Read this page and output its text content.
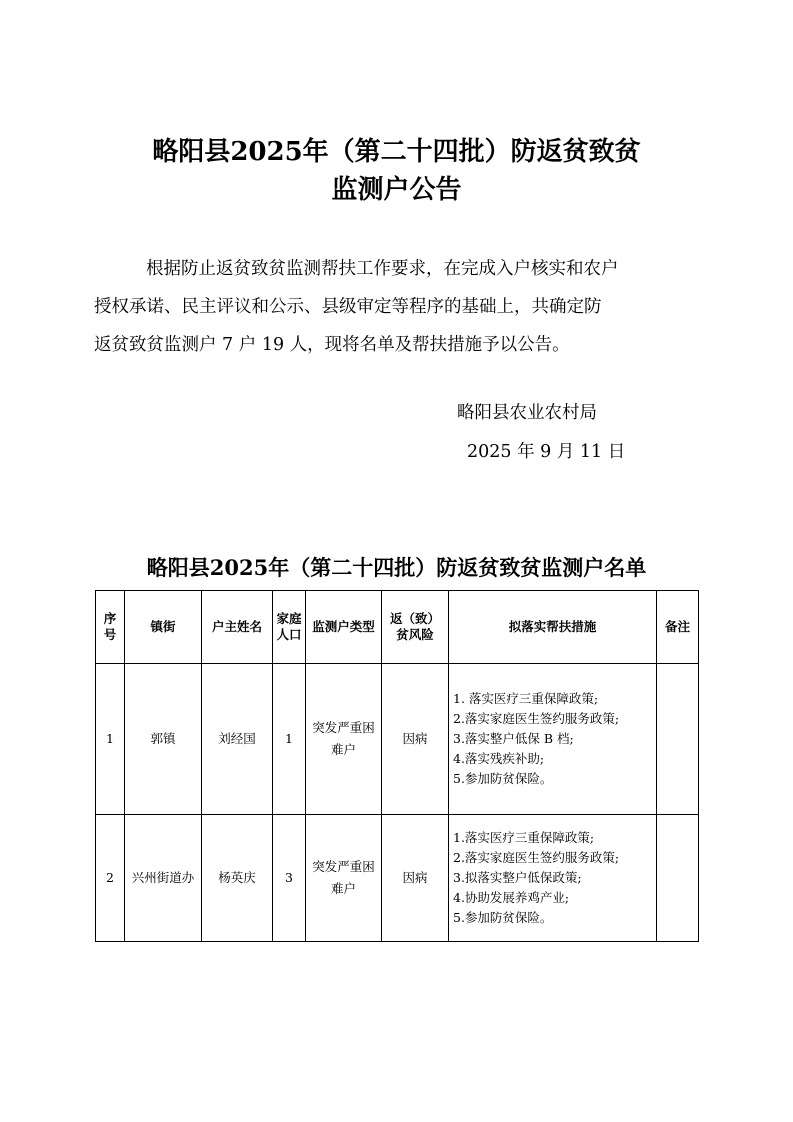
略阳县2025年（第二十四批）防返贫致贫
监测户公告

根据防止返贫致贫监测帮扶工作要求，在完成入户核实和农户
授权承诺、民主评议和公示、县级审定等程序的基础上，共确定防
返贫致贫监测户 7 户 19 人，现将名单及帮扶措施予以公告。

略阳县农业农村局
2025 年 9 月 11 日
略阳县2025年（第二十四批）防返贫致贫监测户名单
序号	镇街	户主姓名	家庭人口	监测户类型	返（致）贫风险	拟落实帮扶措施	备注
1	郭镇	刘经国	1	突发严重困难户	因病	1. 落实医疗三重保障政策;
2.落实家庭医生签约服务政策;
3.落实整户低保 B 档;
4.落实残疾补助;
5.参加防贫保险。	

2	兴州街道办	杨英庆	3	突发严重困难户	因病	1.落实医疗三重保障政策;
2.落实家庭医生签约服务政策;
3.拟落实整户低保政策;
4.协助发展养鸡产业;
5.参加防贫保险。	
